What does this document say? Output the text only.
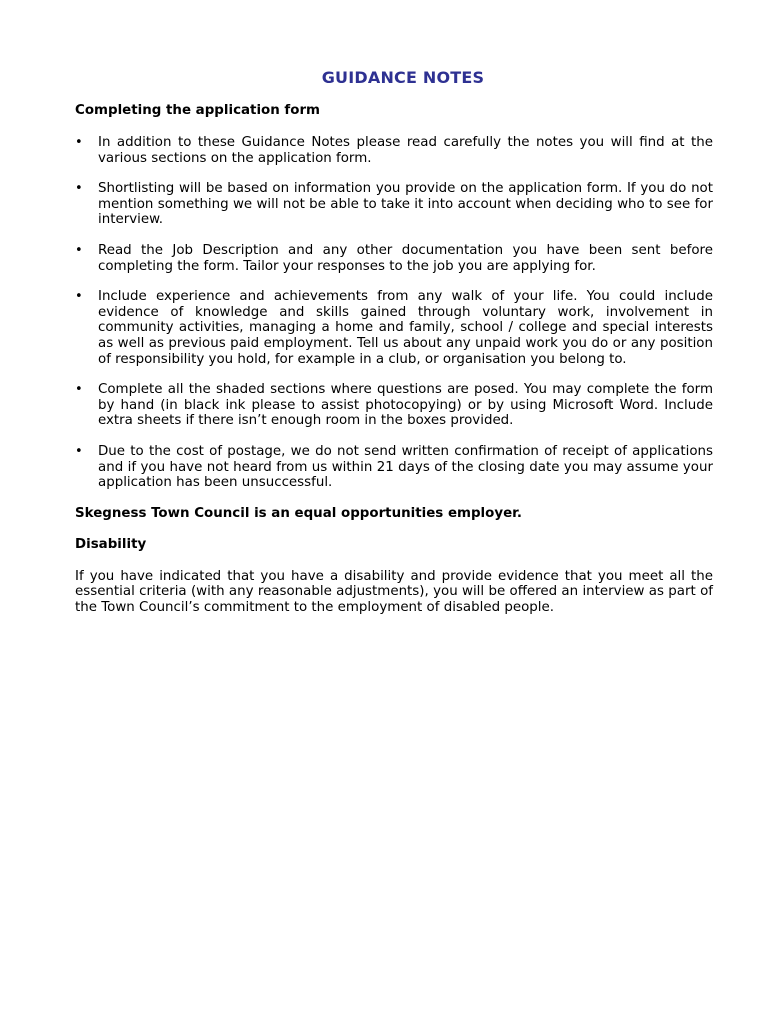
GUIDANCE NOTES
Completing the application form
• In addition to these Guidance Notes please read carefully the notes you will find at the various sections on the application form.
• Shortlisting will be based on information you provide on the application form. If you do not mention something we will not be able to take it into account when deciding who to see for interview.
• Read the Job Description and any other documentation you have been sent before completing the form. Tailor your responses to the job you are applying for.
• Include experience and achievements from any walk of your life. You could include evidence of knowledge and skills gained through voluntary work, involvement in community activities, managing a home and family, school / college and special interests as well as previous paid employment. Tell us about any unpaid work you do or any position of responsibility you hold, for example in a club, or organisation you belong to.
• Complete all the shaded sections where questions are posed. You may complete the form by hand (in black ink please to assist photocopying) or by using Microsoft Word. Include extra sheets if there isn’t enough room in the boxes provided.
• Due to the cost of postage, we do not send written confirmation of receipt of applications and if you have not heard from us within 21 days of the closing date you may assume your application has been unsuccessful.
Skegness Town Council is an equal opportunities employer.
Disability

If you have indicated that you have a disability and provide evidence that you meet all the essential criteria (with any reasonable adjustments), you will be offered an interview as part of the Town Council’s commitment to the employment of disabled people.
